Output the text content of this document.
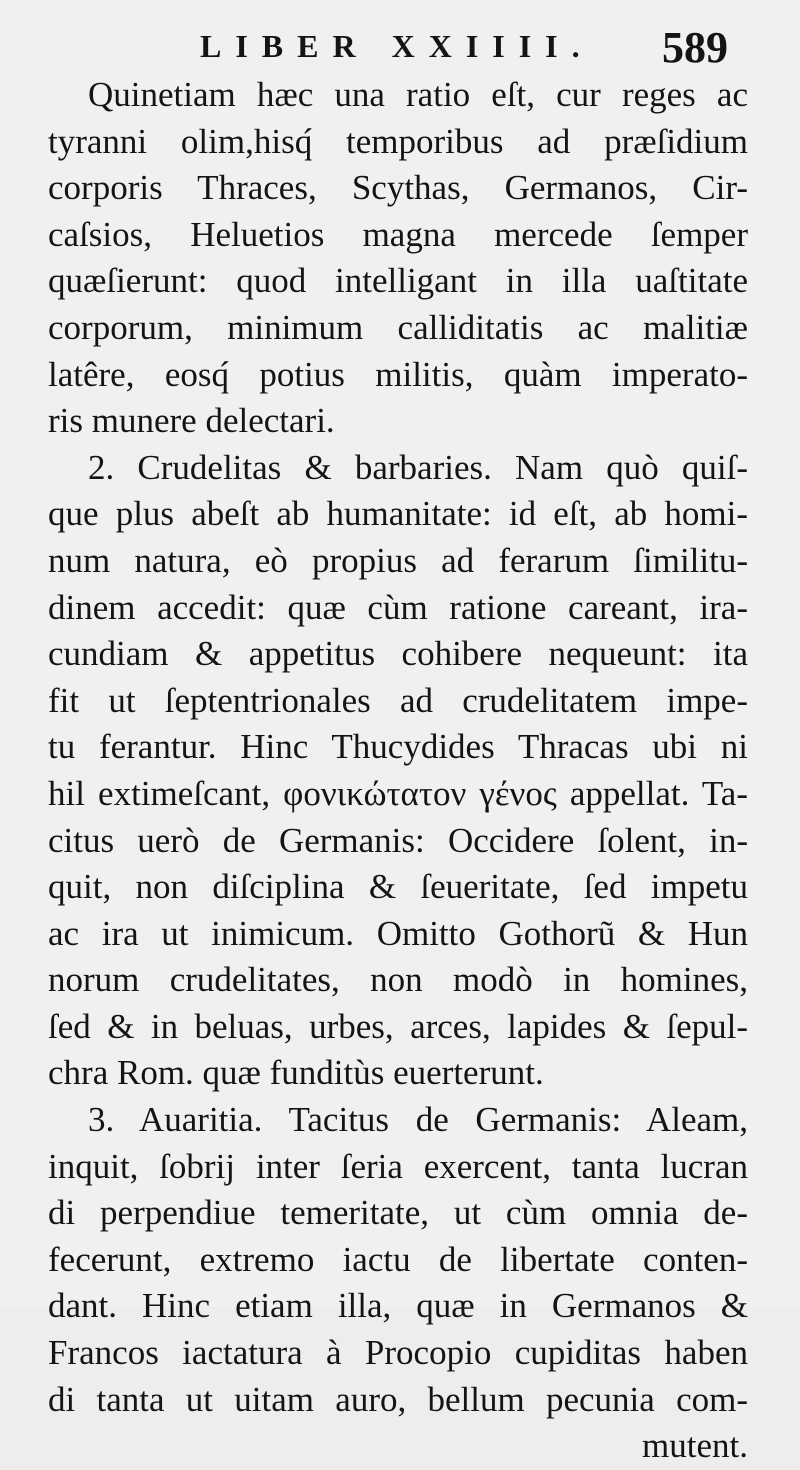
LIBER XXIIII. 589
Quinetiam hæc una ratio eſt, cur reges ac
tyranni olim,hisq́ temporibus ad præſidium
corporis Thraces, Scythas, Germanos, Cir-
caſsios, Heluetios magna mercede ſemper
quæſierunt: quod intelligant in illa uaſtitate
corporum, minimum calliditatis ac malitiæ
latêre, eosq́ potius militis, quàm imperato-
ris munere delectari.
2. Crudelitas & barbaries. Nam quò quiſ-
que plus abeſt ab humanitate: id eſt, ab homi-
num natura, eò propius ad ferarum ſimilitu-
dinem accedit: quæ cùm ratione careant, ira-
cundiam & appetitus cohibere nequeunt: ita
fit ut ſeptentrionales ad crudelitatem impe-
tu ferantur. Hinc Thucydides Thracas ubi ni
hil extimeſcant, φονικώτατον γένος appellat. Ta-
citus uerò de Germanis: Occidere ſolent, in-
quit, non diſciplina & ſeueritate, ſed impetu
ac ira ut inimicum. Omitto Gothorũ & Hun
norum crudelitates, non modò in homines,
ſed & in beluas, urbes, arces, lapides & ſepul-
chra Rom. quæ funditùs euerterunt.
3. Auaritia. Tacitus de Germanis: Aleam,
inquit, ſobrij inter ſeria exercent, tanta lucran
di perpendiue temeritate, ut cùm omnia de-
fecerunt, extremo iactu de libertate conten-
dant. Hinc etiam illa, quæ in Germanos &
Francos iactatura à Procopio cupiditas haben
di tanta ut uitam auro, bellum pecunia com-
mutent.
